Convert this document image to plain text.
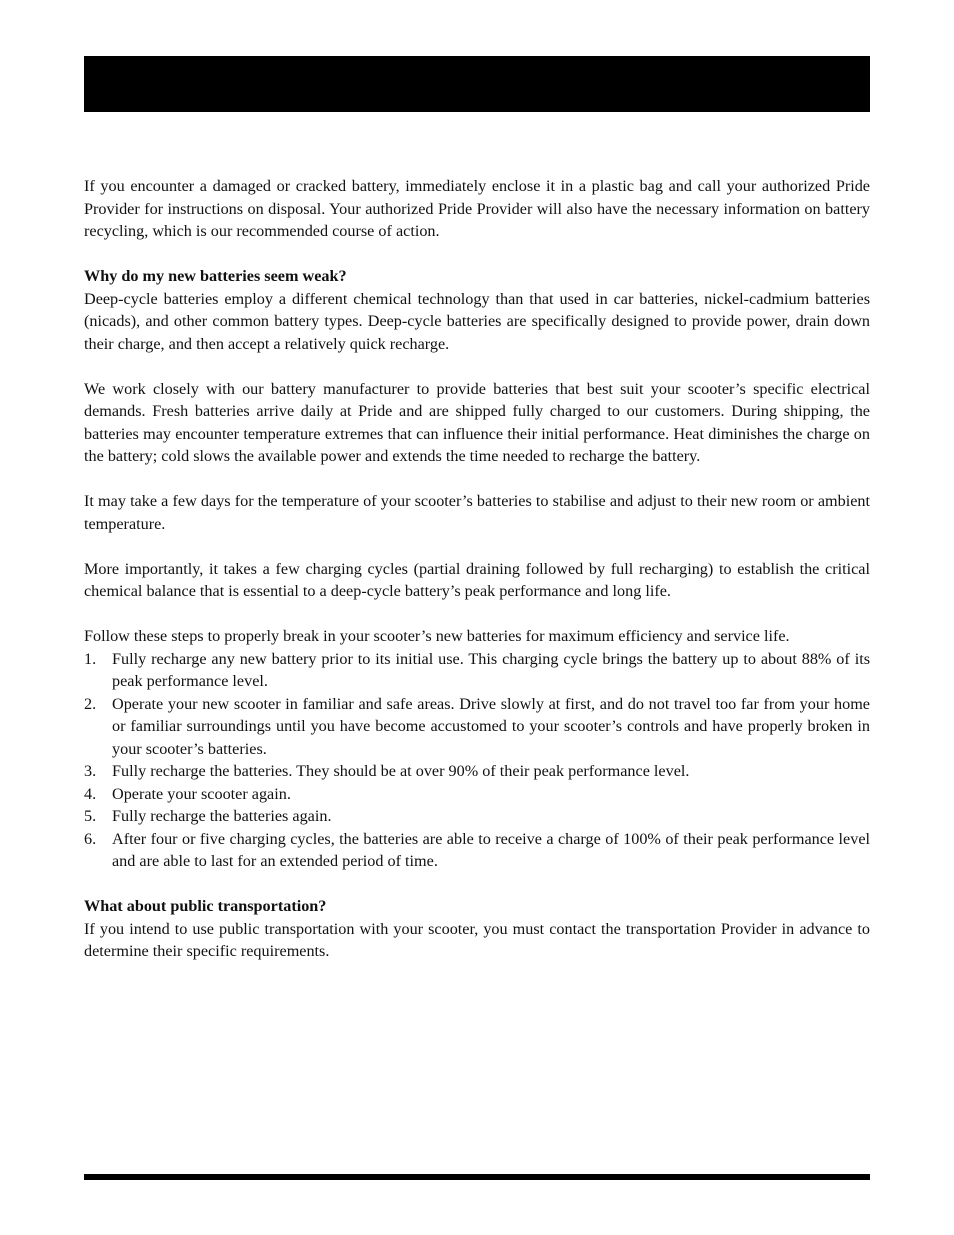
If you encounter a damaged or cracked battery, immediately enclose it in a plastic bag and call your authorized Pride Provider for instructions on disposal. Your authorized Pride Provider will also have the necessary information on battery recycling, which is our recommended course of action.

Why do my new batteries seem weak?

Deep-cycle batteries employ a different chemical technology than that used in car batteries, nickel-cadmium batteries (nicads), and other common battery types. Deep-cycle batteries are specifically designed to provide power, drain down their charge, and then accept a relatively quick recharge.

We work closely with our battery manufacturer to provide batteries that best suit your scooter’s specific electrical demands. Fresh batteries arrive daily at Pride and are shipped fully charged to our customers. During shipping, the batteries may encounter temperature extremes that can influence their initial performance. Heat diminishes the charge on the battery; cold slows the available power and extends the time needed to recharge the battery.

It may take a few days for the temperature of your scooter’s batteries to stabilise and adjust to their new room or ambient temperature.

More importantly, it takes a few charging cycles (partial draining followed by full recharging) to establish the critical chemical balance that is essential to a deep-cycle battery’s peak performance and long life.

Follow these steps to properly break in your scooter’s new batteries for maximum efficiency and service life.

1. Fully recharge any new battery prior to its initial use. This charging cycle brings the battery up to about 88% of its peak performance level.
2. Operate your new scooter in familiar and safe areas. Drive slowly at first, and do not travel too far from your home or familiar surroundings until you have become accustomed to your scooter’s controls and have properly broken in your scooter’s batteries.
3. Fully recharge the batteries. They should be at over 90% of their peak performance level.
4. Operate your scooter again.
5. Fully recharge the batteries again.
6. After four or five charging cycles, the batteries are able to receive a charge of 100% of their peak performance level and are able to last for an extended period of time.
What about public transportation?

If you intend to use public transportation with your scooter, you must contact the transportation Provider in advance to determine their specific requirements.
